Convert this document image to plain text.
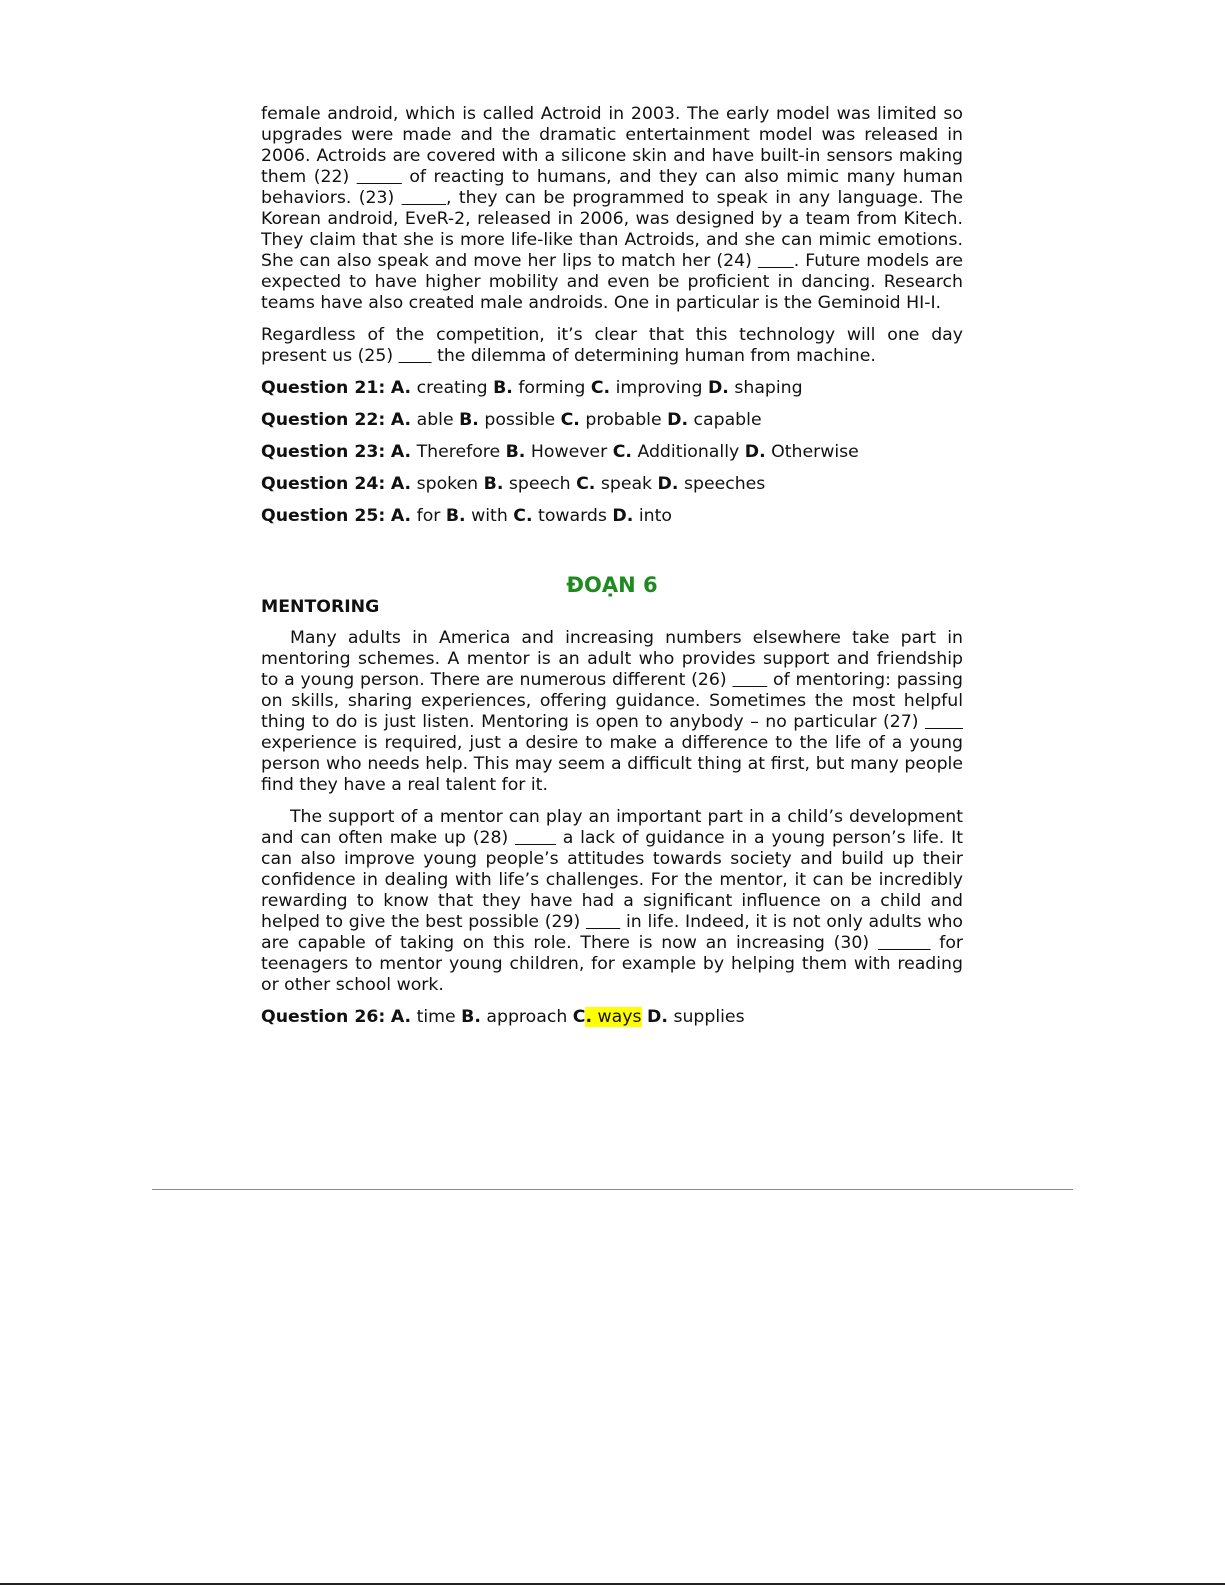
female android, which is called Actroid in 2003. The early model was limited so upgrades were made and the dramatic entertainment model was released in 2006. Actroids are covered with a silicone skin and have built-in sensors making them (22)	of reacting to humans, and they can also mimic many human behaviors. (23)	, they can be programmed to speak in any language. The Korean android, EveR-2, released in 2006, was designed by a team from Kitech. They claim that she is more life-like than Actroids, and she can mimic emotions. She can also speak and move her lips to match her (24)       . Future models are expected to have higher mobility and even be proficient in dancing. Research teams have also created male androids. One in particular is the Geminoid HI-I.

Regardless of the competition, it’s clear that this technology will one day present us (25)        the dilemma of determining human from machine.

Question 21: A. creating B. forming C. improving D. shaping
Question 22: A. able B. possible C. probable D. capable
Question 23: A. Therefore B. However C. Additionally D. Otherwise
Question 24: A. spoken B. speech C. speak D. speeches
Question 25: A. for B. with C. towards D. into
ĐOẠN 6
MENTORING

Many adults in America and increasing numbers elsewhere take part in mentoring schemes. A mentor is an adult who provides support and friendship to a young person. There are numerous different (26)        of mentoring: passing on skills, sharing experiences, offering guidance. Sometimes the most helpful thing to do is just listen. Mentoring is open to anybody – no particular (27)        experience is required, just a desire to make a difference to the life of a young person who needs help. This may seem a difficult thing at first, but many people find they have a real talent for it.

The support of a mentor can play an important part in a child’s development and can often make up (28)        a lack of guidance in a young person’s life. It can also improve young people’s attitudes towards society and build up their confidence in dealing with life’s challenges. For the mentor, it can be incredibly rewarding to know that they have had a significant influence on a child and helped to give the best possible (29)        in life. Indeed, it is not only adults who are capable of taking on this role. There is now an increasing (30)	for teenagers to mentor young children, for example by helping them with reading or other school work.

Question 26: A. time B. approach C. ways D. supplies
